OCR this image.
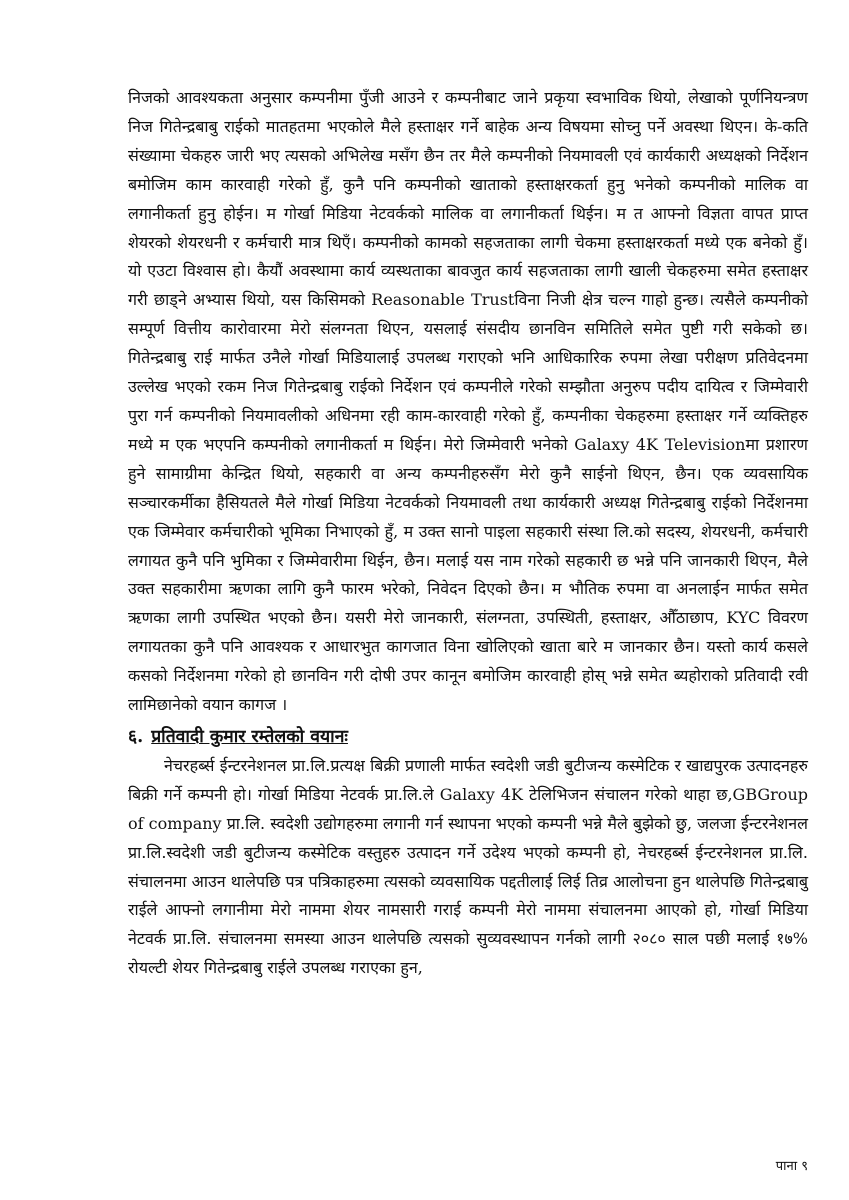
निजको आवश्यकता अनुसार कम्पनीमा पुँजी आउने र कम्पनीबाट जाने प्रकृया स्वभाविक थियो, लेखाको पूर्णनियन्त्रण निज गितेन्द्रबाबु राईको मातहतमा भएकोले मैले हस्ताक्षर गर्ने बाहेक अन्य विषयमा सोच्नु पर्ने अवस्था थिएन। के-कति संख्यामा चेकहरु जारी भए त्यसको अभिलेख मसँग छैन तर मैले कम्पनीको नियमावली एवं कार्यकारी अध्यक्षको निर्देशन बमोजिम काम कारवाही गरेको हुँ, कुनै पनि कम्पनीको खाताको हस्ताक्षरकर्ता हुनु भनेको कम्पनीको मालिक वा लगानीकर्ता हुनु होईन। म गोर्खा मिडिया नेटवर्कको मालिक वा लगानीकर्ता थिईन। म त आफ्नो विज्ञता वापत प्राप्त शेयरको शेयरधनी र कर्मचारी मात्र थिएँ। कम्पनीको कामको सहजताका लागी चेकमा हस्ताक्षरकर्ता मध्ये एक बनेको हुँ। यो एउटा विश्वास हो। कैयौं अवस्थामा कार्य व्यस्थताका बावजुत कार्य सहजताका लागी खाली चेकहरुमा समेत हस्ताक्षर गरी छाड्ने अभ्यास थियो, यस किसिमको Reasonable Trustविना निजी क्षेत्र चल्न गाहो हुन्छ। त्यसैले कम्पनीको सम्पूर्ण वित्तीय कारोवारमा मेरो संलग्नता थिएन, यसलाई संसदीय छानविन समितिले समेत पुष्टी गरी सकेको छ। गितेन्द्रबाबु राई मार्फत उनैले गोर्खा मिडियालाई उपलब्ध गराएको भनि आधिकारिक रुपमा लेखा परीक्षण प्रतिवेदनमा उल्लेख भएको रकम निज गितेन्द्रबाबु राईको निर्देशन एवं कम्पनीले गरेको सम्झौता अनुरुप पदीय दायित्व र जिम्मेवारी पुरा गर्न कम्पनीको नियमावलीको अधिनमा रही काम-कारवाही गरेको हुँ, कम्पनीका चेकहरुमा हस्ताक्षर गर्ने व्यक्तिहरु मध्ये म एक भएपनि कम्पनीको लगानीकर्ता म थिईन। मेरो जिम्मेवारी भनेको Galaxy 4K Televisionमा प्रशारण हुने सामाग्रीमा केन्द्रित थियो, सहकारी वा अन्य कम्पनीहरुसँग मेरो कुनै साईनो थिएन, छैन। एक व्यवसायिक सञ्चारकर्मीका हैसियतले मैले गोर्खा मिडिया नेटवर्कको नियमावली तथा कार्यकारी अध्यक्ष गितेन्द्रबाबु राईको निर्देशनमा एक जिम्मेवार कर्मचारीको भूमिका निभाएको हुँ, म उक्त सानो पाइला सहकारी संस्था लि.को सदस्य, शेयरधनी, कर्मचारी लगायत कुनै पनि भुमिका र जिम्मेवारीमा थिईन, छैन। मलाई यस नाम गरेको सहकारी छ भन्ने पनि जानकारी थिएन, मैले उक्त सहकारीमा ऋणका लागि कुनै फारम भरेको, निवेदन दिएको छैन। म भौतिक रुपमा वा अनलाईन मार्फत समेत ऋणका लागी उपस्थित भएको छैन। यसरी मेरो जानकारी, संलग्नता, उपस्थिती, हस्ताक्षर, औँठाछाप, KYC विवरण लगायतका कुनै पनि आवश्यक र आधारभुत कागजात विना खोलिएको खाता बारे म जानकार छैन। यस्तो कार्य कसले कसको निर्देशनमा गरेको हो छानविन गरी दोषी उपर कानून बमोजिम कारवाही होस् भन्ने समेत ब्यहोराको प्रतिवादी रवी लामिछानेको वयान कागज ।

६. प्रतिवादी कुमार रम्तेलको वयानः

नेचरहर्ब्स ईन्टरनेशनल प्रा.लि.प्रत्यक्ष बिक्री प्रणाली मार्फत स्वदेशी जडी बुटीजन्य कस्मेटिक र खाद्यपुरक उत्पादनहरु बिक्री गर्ने कम्पनी हो। गोर्खा मिडिया नेटवर्क प्रा.लि.ले Galaxy 4K टेलिभिजन संचालन गरेको थाहा छ,GBGroup of company प्रा.लि. स्वदेशी उद्योगहरुमा लगानी गर्न स्थापना भएको कम्पनी भन्ने मैले बुझेको छु, जलजा ईन्टरनेशनल प्रा.लि.स्वदेशी जडी बुटीजन्य कस्मेटिक वस्तुहरु उत्पादन गर्ने उदेश्य भएको कम्पनी हो, नेचरहर्ब्स ईन्टरनेशनल प्रा.लि. संचालनमा आउन थालेपछि पत्र पत्रिकाहरुमा त्यसको व्यवसायिक पद्दतीलाई लिई तिव्र आलोचना हुन थालेपछि गितेन्द्रबाबु राईले आफ्नो लगानीमा मेरो नाममा शेयर नामसारी गराई कम्पनी मेरो नाममा संचालनमा आएको हो, गोर्खा मिडिया नेटवर्क प्रा.लि. संचालनमा समस्या आउन थालेपछि त्यसको सुव्यवस्थापन गर्नको लागी २०८० साल पछी मलाई १७% रोयल्टी शेयर गितेन्द्रबाबु राईले उपलब्ध गराएका हुन,

पाना ९
